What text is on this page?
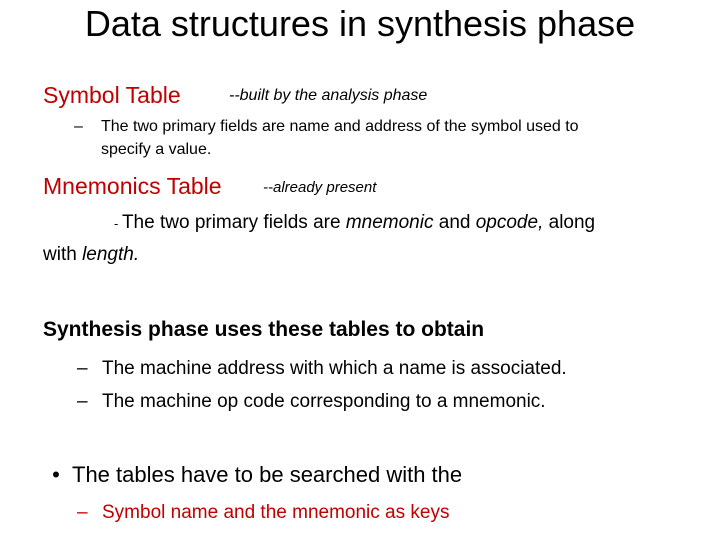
Data structures in synthesis phase
Symbol Table	--built by the analysis phase
– The two primary fields are name and address of the symbol used to
specify a value.
Mnemonics Table	--already present
- The two primary fields are mnemonic and opcode, along
with length.
Synthesis phase uses these tables to obtain
– The machine address with which a name is associated.
– The machine op code corresponding to a mnemonic.
• The tables have to be searched with the
– Symbol name and the mnemonic as keys
